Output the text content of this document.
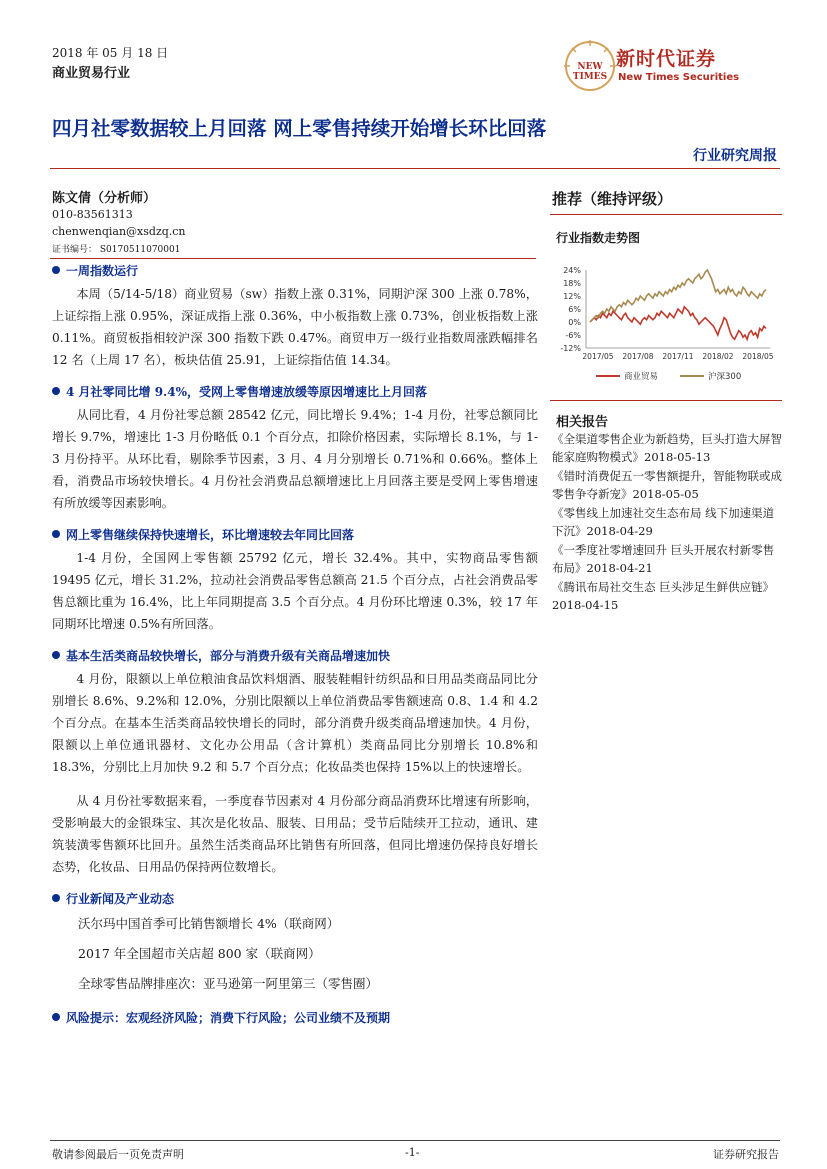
2018 年 05 月 18 日
商业贸易行业	NEW
TIMES
新时代证券
New Times Securities
四月社零数据较上月回落 网上零售持续开始增长环比回落
行业研究周报
陈文倩（分析师）
010-83561313
chenwenqian@xsdzq.cn
证书编号： S0170511070001
推荐（维持评级）
行业指数走势图
24%
18%
12%
6%
0%
-6%
-12%
2017/05 2017/08 2017/11 2018/02 2018/05
商业贸易	沪深300
一周指数运行

本周（5/14-5/18）商业贸易（sw）指数上涨 0.31%，同期沪深 300 上涨 0.78%，上证综指上涨 0.95%，深证成指上涨 0.36%，中小板指数上涨 0.73%，创业板指数上涨 0.11%。商贸板指相较沪深 300 指数下跌 0.47%。商贸申万一级行业指数周涨跌幅排名 12 名（上周 17 名），板块估值 25.91，上证综指估值 14.34。

4 月社零同比增 9.4%，受网上零售增速放缓等原因增速比上月回落

从同比看，4 月份社零总额 28542 亿元，同比增长 9.4%；1-4 月份，社零总额同比增长 9.7%，增速比 1-3 月份略低 0.1 个百分点，扣除价格因素，实际增长 8.1%，与 1-3 月份持平。从环比看，剔除季节因素，3 月、4 月分别增长 0.71%和 0.66%。整体上看，消费品市场较快增长。4 月份社会消费品总额增速比上月回落主要是受网上零售增速有所放缓等因素影响。

网上零售继续保持快速增长，环比增速较去年同比回落

1-4 月份，全国网上零售额 25792 亿元，增长 32.4%。其中，实物商品零售额 19495 亿元，增长 31.2%，拉动社会消费品零售总额高 21.5 个百分点，占社会消费品零售总额比重为 16.4%，比上年同期提高 3.5 个百分点。4 月份环比增速 0.3%，较 17 年同期环比增速 0.5%有所回落。

基本生活类商品较快增长，部分与消费升级有关商品增速加快

4 月份，限额以上单位粮油食品饮料烟酒、服装鞋帽针纺织品和日用品类商品同比分别增长 8.6%、9.2%和 12.0%，分别比限额以上单位消费品零售额速高 0.8、1.4 和 4.2 个百分点。在基本生活类商品较快增长的同时，部分消费升级类商品增速加快。4 月份，限额以上单位通讯器材、文化办公用品（含计算机）类商品同比分别增长 10.8%和 18.3%，分别比上月加快 9.2 和 5.7 个百分点；化妆品类也保持 15%以上的快速增长。

从 4 月份社零数据来看，一季度春节因素对 4 月份部分商品消费环比增速有所影响，受影响最大的金银珠宝、其次是化妆品、服装、日用品；受节后陆续开工拉动，通讯、建筑装潢零售额环比回升。虽然生活类商品环比销售有所回落，但同比增速仍保持良好增长态势，化妆品、日用品仍保持两位数增长。

行业新闻及产业动态
沃尔玛中国首季可比销售额增长 4%（联商网）
2017 年全国超市关店超 800 家（联商网）
全球零售品牌排座次：亚马逊第一阿里第三（零售圈）
风险提示：宏观经济风险；消费下行风险；公司业绩不及预期
相关报告

《全渠道零售企业为新趋势，巨头打造大屏智能家庭购物模式》2018-05-13

《错时消费促五一零售额提升，智能物联或成零售争夺新宠》2018-05-05

《零售线上加速社交生态布局 线下加速渠道下沉》2018-04-29

《一季度社零增速回升 巨头开展农村新零售布局》2018-04-21

《腾讯布局社交生态 巨头涉足生鲜供应链》2018-04-15

敬请参阅最后一页免责声明	-1-	证券研究报告
